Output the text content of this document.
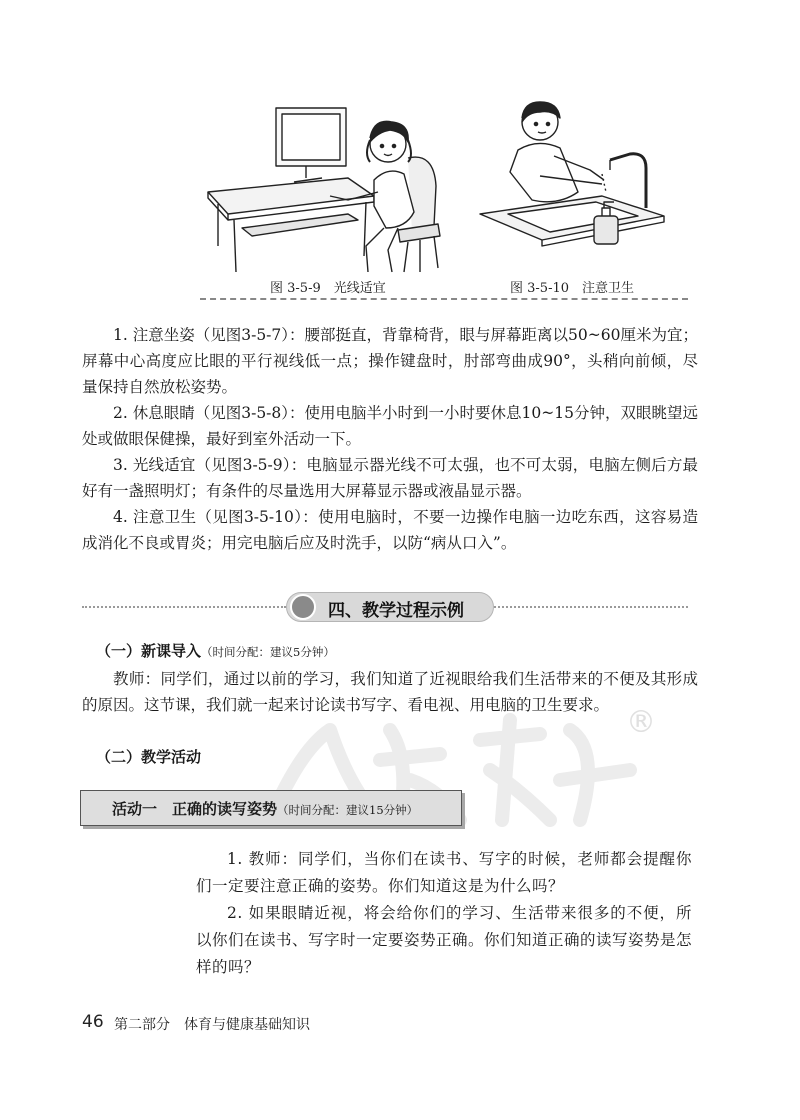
图 3-5-9　光线适宜	图 3-5-10　注意卫生

1. 注意坐姿（见图3-5-7）：腰部挺直，背靠椅背，眼与屏幕距离以50~60厘米为宜；屏幕中心高度应比眼的平行视线低一点；操作键盘时，肘部弯曲成90°，头稍向前倾，尽量保持自然放松姿势。

2. 休息眼睛（见图3-5-8）：使用电脑半小时到一小时要休息10~15分钟，双眼眺望远处或做眼保健操，最好到室外活动一下。

3. 光线适宜（见图3-5-9）：电脑显示器光线不可太强，也不可太弱，电脑左侧后方最好有一盏照明灯；有条件的尽量选用大屏幕显示器或液晶显示器。

4. 注意卫生（见图3-5-10）：使用电脑时，不要一边操作电脑一边吃东西，这容易造成消化不良或胃炎；用完电脑后应及时洗手，以防“病从口入”。

四、教学过程示例
（一）新课导入（时间分配：建议5分钟）

教师：同学们，通过以前的学习，我们知道了近视眼给我们生活带来的不便及其形成的原因。这节课，我们就一起来讨论读书写字、看电视、用电脑的卫生要求。

（二）教学活动
®
活动一　正确的读写姿势（时间分配：建议15分钟）

1. 教师：同学们，当你们在读书、写字的时候，老师都会提醒你们一定要注意正确的姿势。你们知道这是为什么吗？

2. 如果眼睛近视，将会给你们的学习、生活带来很多的不便，所以你们在读书、写字时一定要姿势正确。你们知道正确的读写姿势是怎样的吗？

46 第二部分　体育与健康基础知识
